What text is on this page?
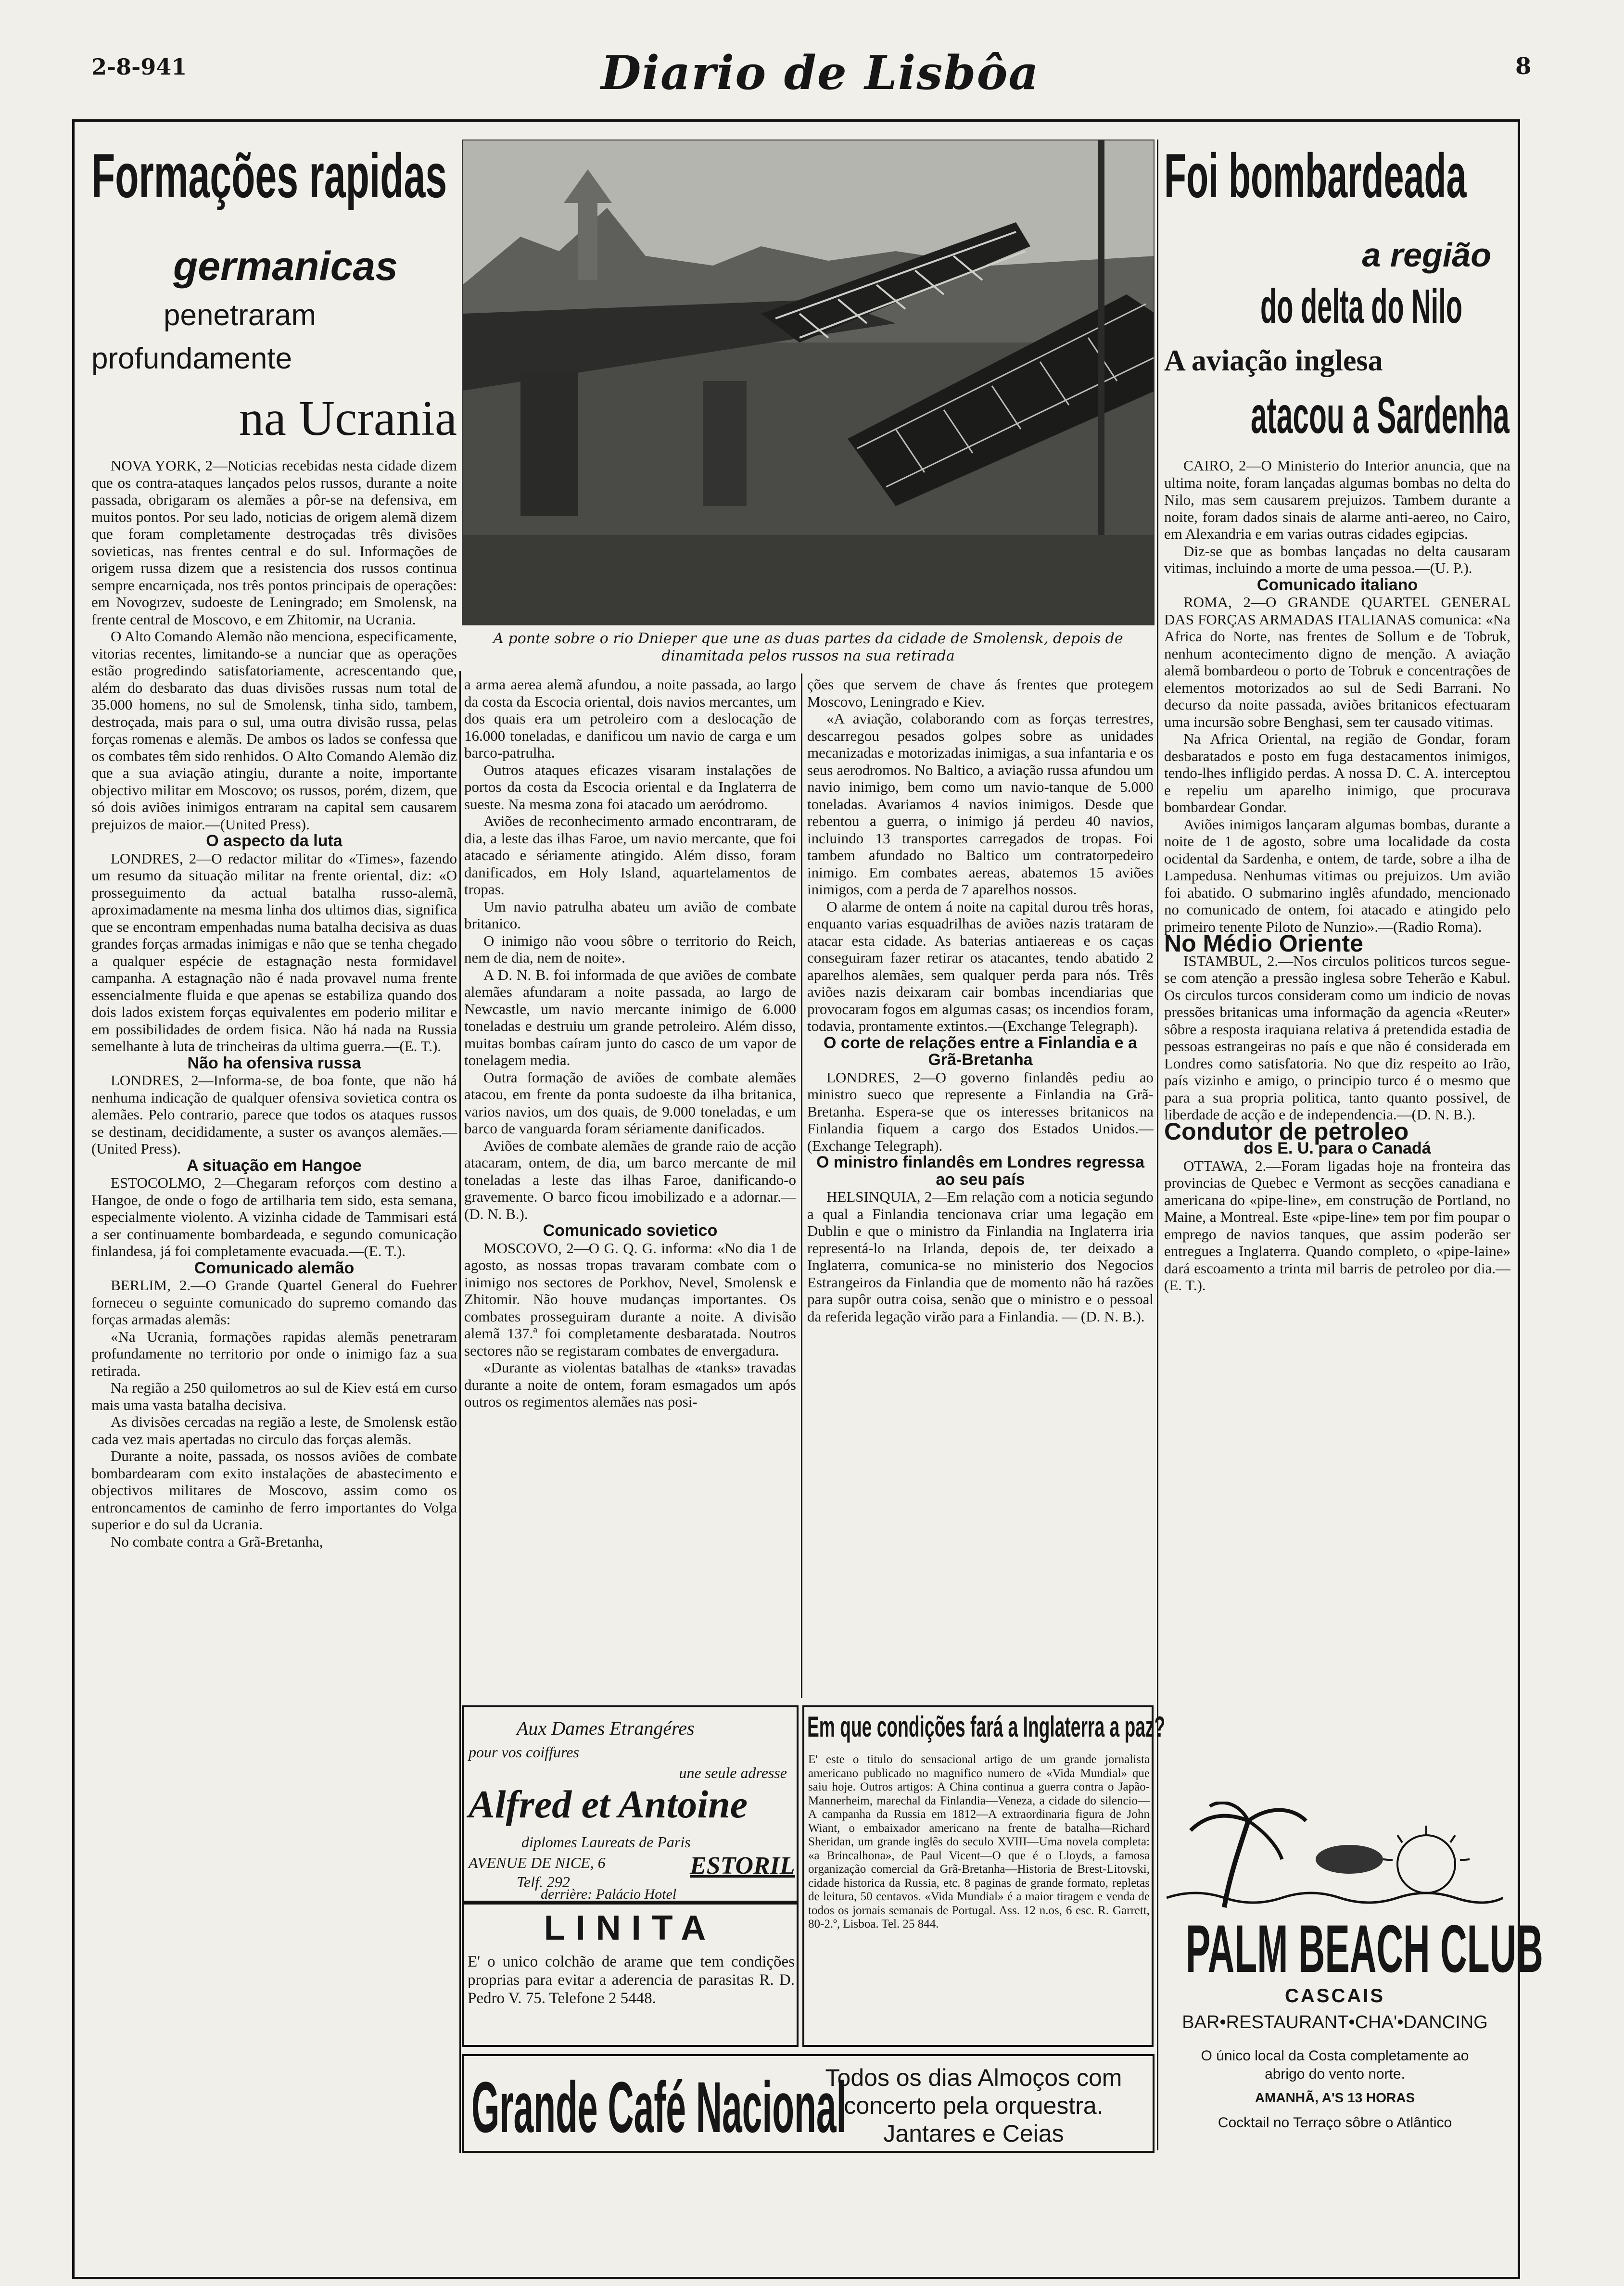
2-8-941	Diario de Lisbôa	8
Formações rapidas
germanicas
penetraram
profundamente
na Ucrania

NOVA YORK, 2—Noticias recebidas nesta cidade dizem que os contra-ataques lançados pelos russos, durante a noite passada, obrigaram os alemães a pôr-se na defensiva, em muitos pontos. Por seu lado, noticias de origem alemã dizem que foram completamente destroçadas três divisões sovieticas, nas frentes central e do sul. Informações de origem russa dizem que a resistencia dos russos continua sempre encarniçada, nos três pontos principais de operações: em Novogrzev, sudoeste de Leningrado; em Smolensk, na frente central de Moscovo, e em Zhitomir, na Ucrania.

O Alto Comando Alemão não menciona, especificamente, vitorias recentes, limitando-se a nunciar que as operações estão progredindo satisfatoriamente, acrescentando que, além do desbarato das duas divisões russas num total de 35.000 homens, no sul de Smolensk, tinha sido, tambem, destroçada, mais para o sul, uma outra divisão russa, pelas forças romenas e alemãs. De ambos os lados se confessa que os combates têm sido renhidos. O Alto Comando Alemão diz que a sua aviação atingiu, durante a noite, importante objectivo militar em Moscovo; os russos, porém, dizem, que só dois aviões inimigos entraram na capital sem causarem prejuizos de maior.—(United Press).

O aspecto da luta

LONDRES, 2—O redactor militar do «Times», fazendo um resumo da situação militar na frente oriental, diz: «O prosseguimento da actual batalha russo-alemã, aproximadamente na mesma linha dos ultimos dias, significa que se encontram empenhadas numa batalha decisiva as duas grandes forças armadas inimigas e não que se tenha chegado a qualquer espécie de estagnação nesta formidavel campanha. A estagnação não é nada provavel numa frente essencialmente fluida e que apenas se estabiliza quando dos dois lados existem forças equivalentes em poderio militar e em possibilidades de ordem fisica. Não há nada na Russia semelhante à luta de trincheiras da ultima guerra.—(E. T.).

Não ha ofensiva russa

LONDRES, 2—Informa-se, de boa fonte, que não há nenhuma indicação de qualquer ofensiva sovietica contra os alemães. Pelo contrario, parece que todos os ataques russos se destinam, decididamente, a suster os avanços alemães.—(United Press).

A situação em Hangoe

ESTOCOLMO, 2—Chegaram reforços com destino a Hangoe, de onde o fogo de artilharia tem sido, esta semana, especialmente violento. A vizinha cidade de Tammisari está a ser continuamente bombardeada, e segundo comunicação finlandesa, já foi completamente evacuada.—(E. T.).

Comunicado alemão

BERLIM, 2.—O Grande Quartel General do Fuehrer forneceu o seguinte comunicado do supremo comando das forças armadas alemãs:

«Na Ucrania, formações rapidas alemãs penetraram profundamente no territorio por onde o inimigo faz a sua retirada.

Na região a 250 quilometros ao sul de Kiev está em curso mais uma vasta batalha decisiva.

As divisões cercadas na região a leste, de Smolensk estão cada vez mais apertadas no circulo das forças alemãs.

Durante a noite, passada, os nossos aviões de combate bombardearam com exito instalações de abastecimento e objectivos militares de Moscovo, assim como os entroncamentos de caminho de ferro importantes do Volga superior e do sul da Ucrania.

No combate contra a Grã-Bretanha,

A ponte sobre o rio Dnieper que une as duas partes da cidade de Smolensk, depois de dinamitada pelos russos na sua retirada

a arma aerea alemã afundou, a noite passada, ao largo da costa da Escocia oriental, dois navios mercantes, um dos quais era um petroleiro com a deslocação de 16.000 toneladas, e danificou um navio de carga e um barco-patrulha.

Outros ataques eficazes visaram instalações de portos da costa da Escocia oriental e da Inglaterra de sueste. Na mesma zona foi atacado um aeródromo.

Aviões de reconhecimento armado encontraram, de dia, a leste das ilhas Faroe, um navio mercante, que foi atacado e sériamente atingido. Além disso, foram danificados, em Holy Island, aquartelamentos de tropas.

Um navio patrulha abateu um avião de combate britanico.

O inimigo não voou sôbre o territorio do Reich, nem de dia, nem de noite».

A D. N. B. foi informada de que aviões de combate alemães afundaram a noite passada, ao largo de Newcastle, um navio mercante inimigo de 6.000 toneladas e destruiu um grande petroleiro. Além disso, muitas bombas caíram junto do casco de um vapor de tonelagem media.

Outra formação de aviões de combate alemães atacou, em frente da ponta sudoeste da ilha britanica, varios navios, um dos quais, de 9.000 toneladas, e um barco de vanguarda foram sériamente danificados.

Aviões de combate alemães de grande raio de acção atacaram, ontem, de dia, um barco mercante de mil toneladas a leste das ilhas Faroe, danificando-o gravemente. O barco ficou imobilizado e a adornar.—(D. N. B.).

Comunicado sovietico

MOSCOVO, 2—O G. Q. G. informa: «No dia 1 de agosto, as nossas tropas travaram combate com o inimigo nos sectores de Porkhov, Nevel, Smolensk e Zhitomir. Não houve mudanças importantes. Os combates prosseguiram durante a noite. A divisão alemã 137.ª foi completamente desbaratada. Noutros sectores não se registaram combates de envergadura.

«Durante as violentas batalhas de «tanks» travadas durante a noite de ontem, foram esmagados um após outros os regimentos alemães nas posi-

ções que servem de chave ás frentes que protegem Moscovo, Leningrado e Kiev.

«A aviação, colaborando com as forças terrestres, descarregou pesados golpes sobre as unidades mecanizadas e motorizadas inimigas, a sua infantaria e os seus aerodromos. No Baltico, a aviação russa afundou um navio inimigo, bem como um navio-tanque de 5.000 toneladas. Avariamos 4 navios inimigos. Desde que rebentou a guerra, o inimigo já perdeu 40 navios, incluindo 13 transportes carregados de tropas. Foi tambem afundado no Baltico um contratorpedeiro inimigo. Em combates aereas, abatemos 15 aviões inimigos, com a perda de 7 aparelhos nossos.

O alarme de ontem á noite na capital durou três horas, enquanto varias esquadrilhas de aviões nazis trataram de atacar esta cidade. As baterias antiaereas e os caças conseguiram fazer retirar os atacantes, tendo abatido 2 aparelhos alemães, sem qualquer perda para nós. Três aviões nazis deixaram cair bombas incendiarias que provocaram fogos em algumas casas; os incendios foram, todavia, prontamente extintos.—(Exchange Telegraph).

O corte de relações entre a Finlandia e a Grã-Bretanha

LONDRES, 2—O governo finlandês pediu ao ministro sueco que represente a Finlandia na Grã-Bretanha. Espera-se que os interesses britanicos na Finlandia fiquem a cargo dos Estados Unidos.—(Exchange Telegraph).

O ministro finlandês em Londres regressa ao seu país

HELSINQUIA, 2—Em relação com a noticia segundo a qual a Finlandia tencionava criar uma legação em Dublin e que o ministro da Finlandia na Inglaterra iria representá-lo na Irlanda, depois de, ter deixado a Inglaterra, comunica-se no ministerio dos Negocios Estrangeiros da Finlandia que de momento não há razões para supôr outra coisa, senão que o ministro e o pessoal da referida legação virão para a Finlandia. — (D. N. B.).

Foi bombardeada
a região
do delta do Nilo
A aviação inglesa
atacou a Sardenha

CAIRO, 2—O Ministerio do Interior anuncia, que na ultima noite, foram lançadas algumas bombas no delta do Nilo, mas sem causarem prejuizos. Tambem durante a noite, foram dados sinais de alarme anti-aereo, no Cairo, em Alexandria e em varias outras cidades egipcias.

Diz-se que as bombas lançadas no delta causaram vitimas, incluindo a morte de uma pessoa.—(U. P.).

Comunicado italiano

ROMA, 2—O GRANDE QUARTEL GENERAL DAS FORÇAS ARMADAS ITALIANAS comunica: «Na Africa do Norte, nas frentes de Sollum e de Tobruk, nenhum acontecimento digno de menção. A aviação alemã bombardeou o porto de Tobruk e concentrações de elementos motorizados ao sul de Sedi Barrani. No decurso da noite passada, aviões britanicos efectuaram uma incursão sobre Benghasi, sem ter causado vitimas.

Na Africa Oriental, na região de Gondar, foram desbaratados e posto em fuga destacamentos inimigos, tendo-lhes infligido perdas. A nossa D. C. A. interceptou e repeliu um aparelho inimigo, que procurava bombardear Gondar.

Aviões inimigos lançaram algumas bombas, durante a noite de 1 de agosto, sobre uma localidade da costa ocidental da Sardenha, e ontem, de tarde, sobre a ilha de Lampedusa. Nenhumas vitimas ou prejuizos. Um avião foi abatido. O submarino inglês afundado, mencionado no comunicado de ontem, foi atacado e atingido pelo primeiro tenente Piloto de Nunzio».—(Radio Roma).

No Médio Oriente

ISTAMBUL, 2.—Nos circulos politicos turcos segue-se com atenção a pressão inglesa sobre Teherão e Kabul. Os circulos turcos consideram como um indicio de novas pressões britanicas uma informação da agencia «Reuter» sôbre a resposta iraquiana relativa á pretendida estadia de pessoas estrangeiras no país e que não é considerada em Londres como satisfatoria. No que diz respeito ao Irão, país vizinho e amigo, o principio turco é o mesmo que para a sua propria politica, tanto quanto possivel, de liberdade de acção e de independencia.—(D. N. B.).

Condutor de petroleo

dos E. U. para o Canadá

OTTAWA, 2.—Foram ligadas hoje na fronteira das provincias de Quebec e Vermont as secções canadiana e americana do «pipe-line», em construção de Portland, no Maine, a Montreal. Este «pipe-line» tem por fim poupar o emprego de navios tanques, que assim poderão ser entregues a Inglaterra. Quando completo, o «pipe-laine» dará escoamento a trinta mil barris de petroleo por dia.—(E. T.).

Aux Dames Etrangéres
pour vos coiffures
une seule adresse
Alfred et Antoine
diplomes Laureats de Paris
AVENUE DE NICE, 6
Telf. 292
ESTORIL
derrière: Palácio Hotel
LINITA
E' o unico colchão de arame que tem condições proprias para evitar a aderencia de parasitas R. D. Pedro V. 75. Telefone 2 5448.
Em que condições fará a Inglaterra a paz?
E' este o titulo do sensacional artigo de um grande jornalista americano publicado no magnifico numero de «Vida Mundial» que saiu hoje. Outros artigos: A China continua a guerra contra o Japão-Mannerheim, marechal da Finlandia—Veneza, a cidade do silencio—A campanha da Russia em 1812—A extraordinaria figura de John Wiant, o embaixador americano na frente de batalha—Richard Sheridan, um grande inglês do seculo XVIII—Uma novela completa: «a Brincalhona», de Paul Vicent—O que é o Lloyds, a famosa organização comercial da Grã-Bretanha—Historia de Brest-Litovski, cidade historica da Russia, etc. 8 paginas de grande formato, repletas de leitura, 50 centavos. «Vida Mundial» é a maior tiragem e venda de todos os jornais semanais de Portugal. Ass. 12 n.os, 6 esc. R. Garrett, 80-2.º, Lisboa. Tel. 25 844.
Grande Café Nacional
Todos os dias Almoços com concerto pela orquestra. Jantares e Ceias
PALM BEACH CLUB
CASCAIS
BAR•RESTAURANT•CHA'•DANCING
O único local da Costa completamente ao abrigo do vento norte.
AMANHÃ, A'S 13 HORAS
Cocktail no Terraço sôbre o Atlântico
